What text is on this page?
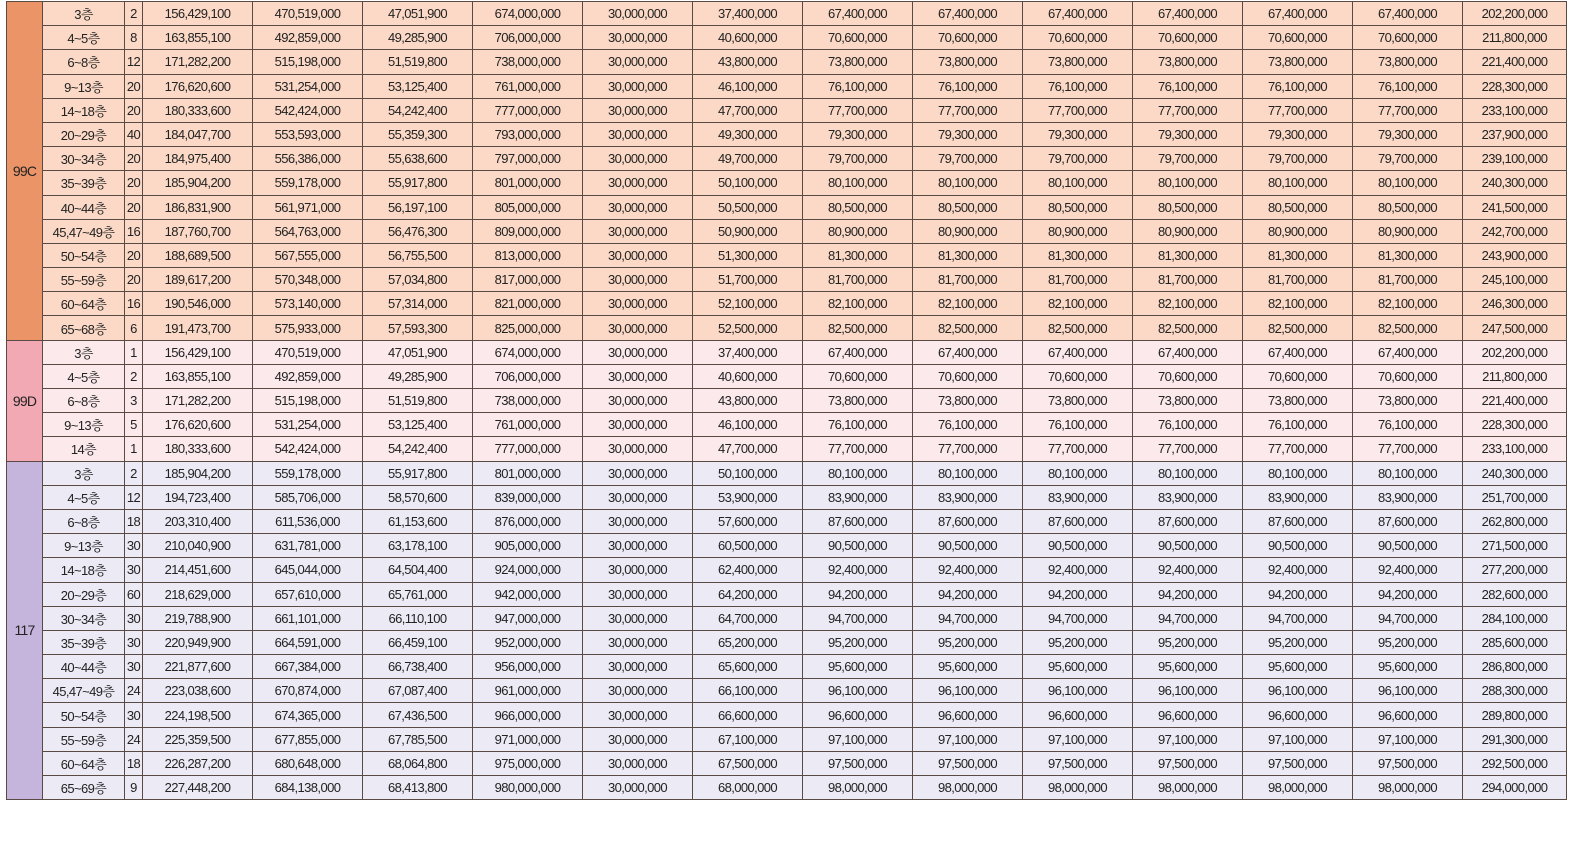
99C	3층	2	156,429,100	470,519,000	47,051,900	674,000,000	30,000,000	37,400,000	67,400,000	67,400,000	67,400,000	67,400,000	67,400,000	67,400,000	202,200,000
	4~5층	8	163,855,100	492,859,000	49,285,900	706,000,000	30,000,000	40,600,000	70,600,000	70,600,000	70,600,000	70,600,000	70,600,000	70,600,000	211,800,000
	6~8층	12	171,282,200	515,198,000	51,519,800	738,000,000	30,000,000	43,800,000	73,800,000	73,800,000	73,800,000	73,800,000	73,800,000	73,800,000	221,400,000
	9~13층	20	176,620,600	531,254,000	53,125,400	761,000,000	30,000,000	46,100,000	76,100,000	76,100,000	76,100,000	76,100,000	76,100,000	76,100,000	228,300,000
	14~18층	20	180,333,600	542,424,000	54,242,400	777,000,000	30,000,000	47,700,000	77,700,000	77,700,000	77,700,000	77,700,000	77,700,000	77,700,000	233,100,000
	20~29층	40	184,047,700	553,593,000	55,359,300	793,000,000	30,000,000	49,300,000	79,300,000	79,300,000	79,300,000	79,300,000	79,300,000	79,300,000	237,900,000
	30~34층	20	184,975,400	556,386,000	55,638,600	797,000,000	30,000,000	49,700,000	79,700,000	79,700,000	79,700,000	79,700,000	79,700,000	79,700,000	239,100,000
	35~39층	20	185,904,200	559,178,000	55,917,800	801,000,000	30,000,000	50,100,000	80,100,000	80,100,000	80,100,000	80,100,000	80,100,000	80,100,000	240,300,000
	40~44층	20	186,831,900	561,971,000	56,197,100	805,000,000	30,000,000	50,500,000	80,500,000	80,500,000	80,500,000	80,500,000	80,500,000	80,500,000	241,500,000
	45,47~49층	16	187,760,700	564,763,000	56,476,300	809,000,000	30,000,000	50,900,000	80,900,000	80,900,000	80,900,000	80,900,000	80,900,000	80,900,000	242,700,000
	50~54층	20	188,689,500	567,555,000	56,755,500	813,000,000	30,000,000	51,300,000	81,300,000	81,300,000	81,300,000	81,300,000	81,300,000	81,300,000	243,900,000
	55~59층	20	189,617,200	570,348,000	57,034,800	817,000,000	30,000,000	51,700,000	81,700,000	81,700,000	81,700,000	81,700,000	81,700,000	81,700,000	245,100,000
	60~64층	16	190,546,000	573,140,000	57,314,000	821,000,000	30,000,000	52,100,000	82,100,000	82,100,000	82,100,000	82,100,000	82,100,000	82,100,000	246,300,000
	65~68층	6	191,473,700	575,933,000	57,593,300	825,000,000	30,000,000	52,500,000	82,500,000	82,500,000	82,500,000	82,500,000	82,500,000	82,500,000	247,500,000
99D	3층	1	156,429,100	470,519,000	47,051,900	674,000,000	30,000,000	37,400,000	67,400,000	67,400,000	67,400,000	67,400,000	67,400,000	67,400,000	202,200,000
	4~5층	2	163,855,100	492,859,000	49,285,900	706,000,000	30,000,000	40,600,000	70,600,000	70,600,000	70,600,000	70,600,000	70,600,000	70,600,000	211,800,000
	6~8층	3	171,282,200	515,198,000	51,519,800	738,000,000	30,000,000	43,800,000	73,800,000	73,800,000	73,800,000	73,800,000	73,800,000	73,800,000	221,400,000
	9~13층	5	176,620,600	531,254,000	53,125,400	761,000,000	30,000,000	46,100,000	76,100,000	76,100,000	76,100,000	76,100,000	76,100,000	76,100,000	228,300,000
	14층	1	180,333,600	542,424,000	54,242,400	777,000,000	30,000,000	47,700,000	77,700,000	77,700,000	77,700,000	77,700,000	77,700,000	77,700,000	233,100,000
117	3층	2	185,904,200	559,178,000	55,917,800	801,000,000	30,000,000	50,100,000	80,100,000	80,100,000	80,100,000	80,100,000	80,100,000	80,100,000	240,300,000
	4~5층	12	194,723,400	585,706,000	58,570,600	839,000,000	30,000,000	53,900,000	83,900,000	83,900,000	83,900,000	83,900,000	83,900,000	83,900,000	251,700,000
	6~8층	18	203,310,400	611,536,000	61,153,600	876,000,000	30,000,000	57,600,000	87,600,000	87,600,000	87,600,000	87,600,000	87,600,000	87,600,000	262,800,000
	9~13층	30	210,040,900	631,781,000	63,178,100	905,000,000	30,000,000	60,500,000	90,500,000	90,500,000	90,500,000	90,500,000	90,500,000	90,500,000	271,500,000
	14~18층	30	214,451,600	645,044,000	64,504,400	924,000,000	30,000,000	62,400,000	92,400,000	92,400,000	92,400,000	92,400,000	92,400,000	92,400,000	277,200,000
	20~29층	60	218,629,000	657,610,000	65,761,000	942,000,000	30,000,000	64,200,000	94,200,000	94,200,000	94,200,000	94,200,000	94,200,000	94,200,000	282,600,000
	30~34층	30	219,788,900	661,101,000	66,110,100	947,000,000	30,000,000	64,700,000	94,700,000	94,700,000	94,700,000	94,700,000	94,700,000	94,700,000	284,100,000
	35~39층	30	220,949,900	664,591,000	66,459,100	952,000,000	30,000,000	65,200,000	95,200,000	95,200,000	95,200,000	95,200,000	95,200,000	95,200,000	285,600,000
	40~44층	30	221,877,600	667,384,000	66,738,400	956,000,000	30,000,000	65,600,000	95,600,000	95,600,000	95,600,000	95,600,000	95,600,000	95,600,000	286,800,000
	45,47~49층	24	223,038,600	670,874,000	67,087,400	961,000,000	30,000,000	66,100,000	96,100,000	96,100,000	96,100,000	96,100,000	96,100,000	96,100,000	288,300,000
	50~54층	30	224,198,500	674,365,000	67,436,500	966,000,000	30,000,000	66,600,000	96,600,000	96,600,000	96,600,000	96,600,000	96,600,000	96,600,000	289,800,000
	55~59층	24	225,359,500	677,855,000	67,785,500	971,000,000	30,000,000	67,100,000	97,100,000	97,100,000	97,100,000	97,100,000	97,100,000	97,100,000	291,300,000
	60~64층	18	226,287,200	680,648,000	68,064,800	975,000,000	30,000,000	67,500,000	97,500,000	97,500,000	97,500,000	97,500,000	97,500,000	97,500,000	292,500,000
	65~69층	9	227,448,200	684,138,000	68,413,800	980,000,000	30,000,000	68,000,000	98,000,000	98,000,000	98,000,000	98,000,000	98,000,000	98,000,000	294,000,000
